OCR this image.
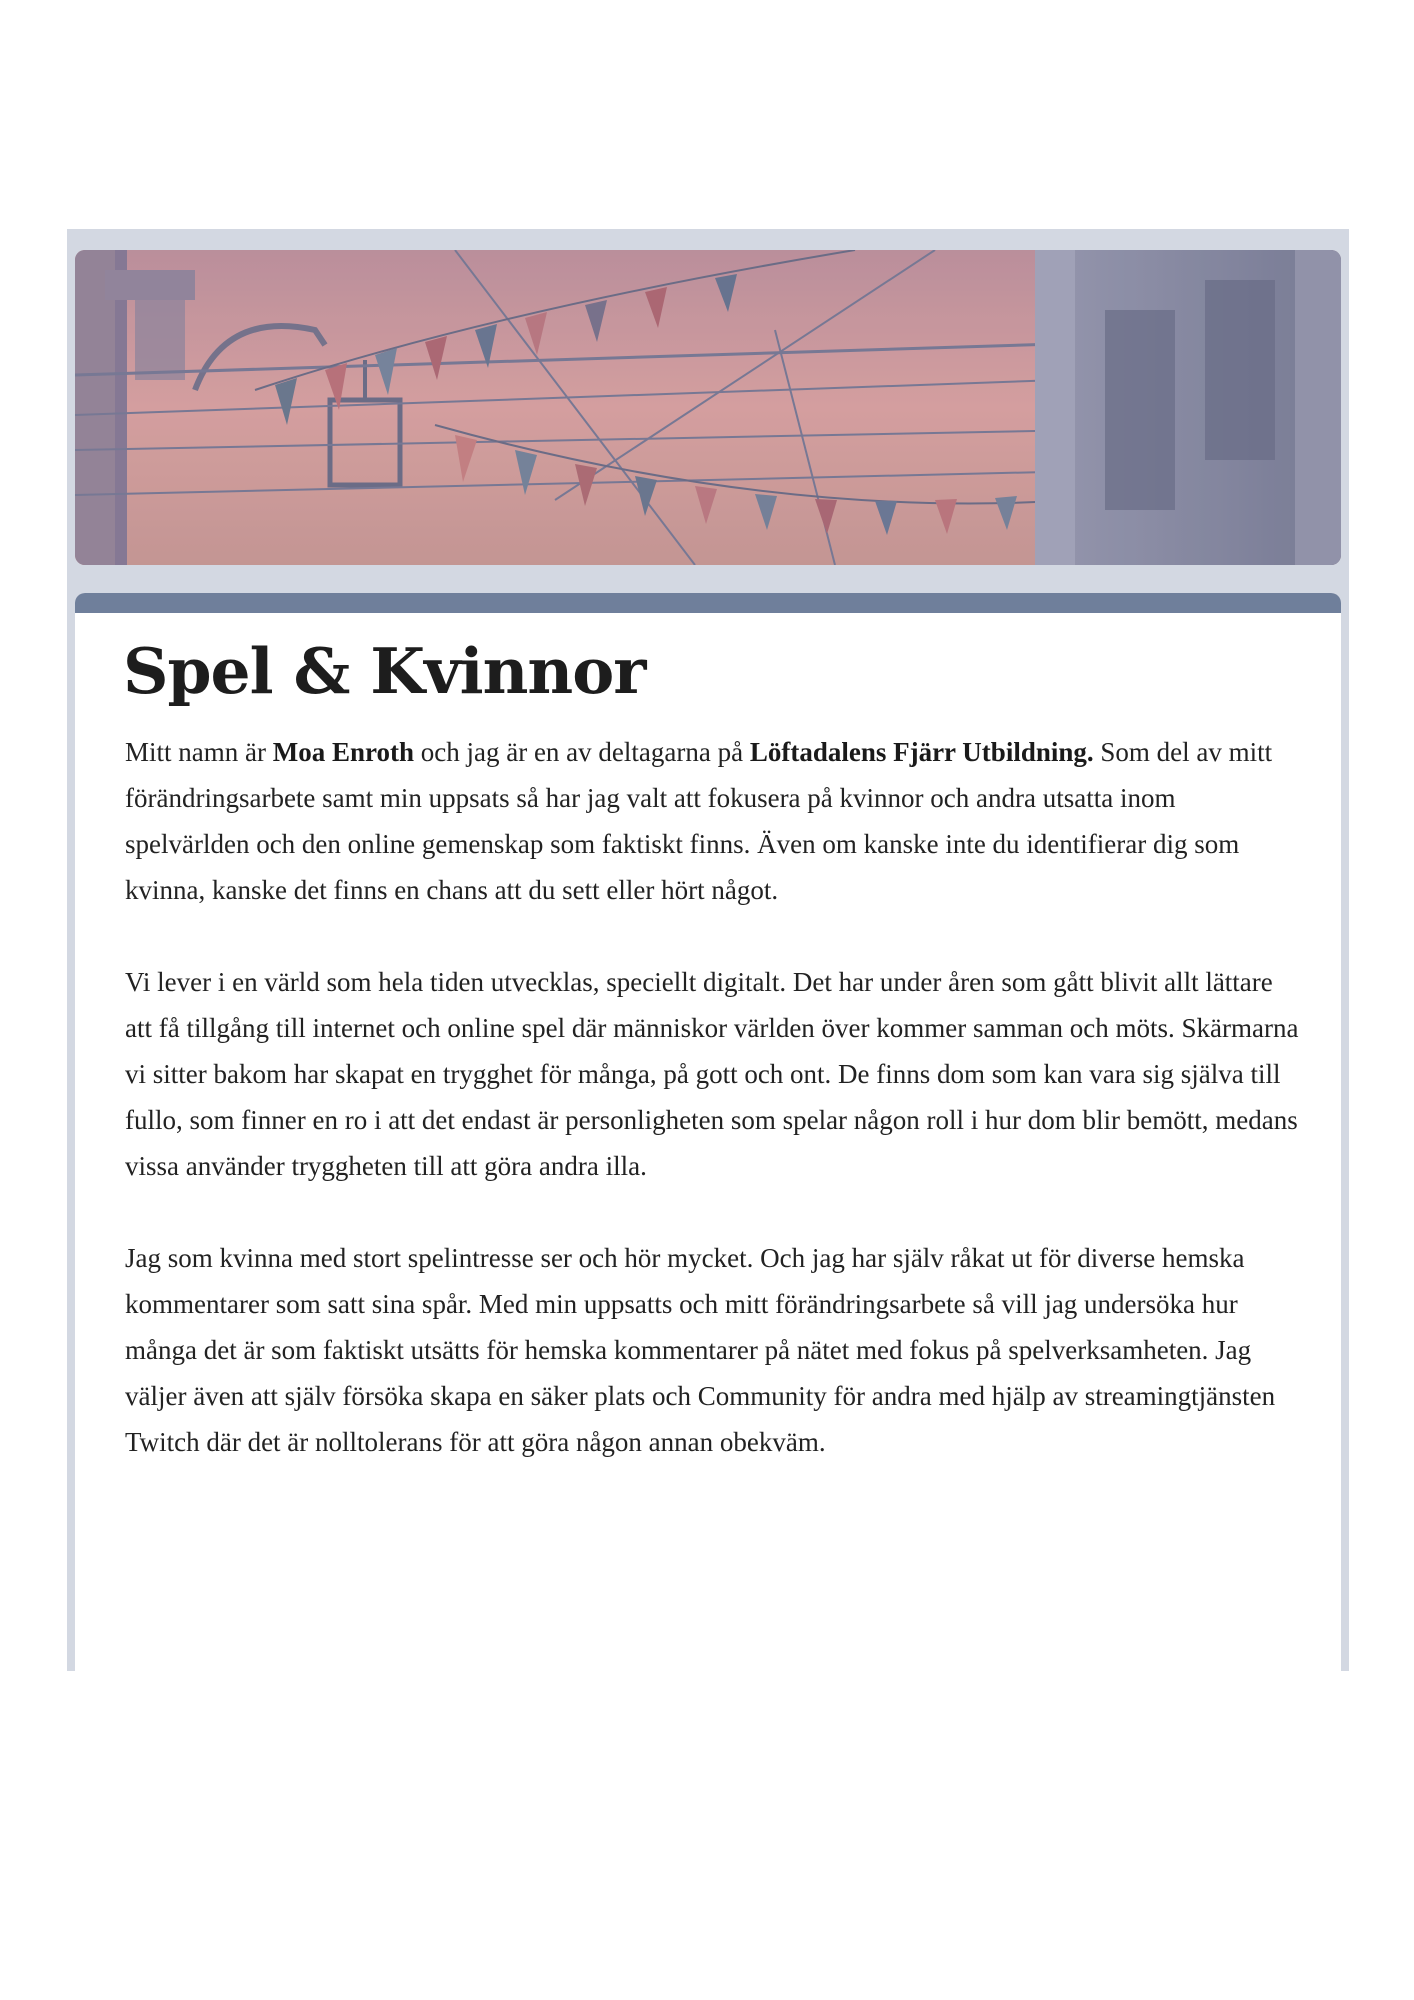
Spel & Kvinnor

Mitt namn är Moa Enroth och jag är en av deltagarna på Löftadalens Fjärr Utbildning. Som del av mitt förändringsarbete samt min uppsats så har jag valt att fokusera på kvinnor och andra utsatta inom spelvärlden och den online gemenskap som faktiskt finns. Även om kanske inte du identifierar dig som kvinna, kanske det finns en chans att du sett eller hört något.

Vi lever i en värld som hela tiden utvecklas, speciellt digitalt. Det har under åren som gått blivit allt lättare att få tillgång till internet och online spel där människor världen över kommer samman och möts. Skärmarna vi sitter bakom har skapat en trygghet för många, på gott och ont. De finns dom som kan vara sig själva till fullo, som finner en ro i att det endast är personligheten som spelar någon roll i hur dom blir bemött, medans vissa använder tryggheten till att göra andra illa.

Jag som kvinna med stort spelintresse ser och hör mycket. Och jag har själv råkat ut för diverse hemska kommentarer som satt sina spår. Med min uppsatts och mitt förändringsarbete så vill jag undersöka hur många det är som faktiskt utsätts för hemska kommentarer på nätet med fokus på spelverksamheten. Jag väljer även att själv försöka skapa en säker plats och Community för andra med hjälp av streamingtjänsten Twitch där det är nolltolerans för att göra någon annan obekväm.
